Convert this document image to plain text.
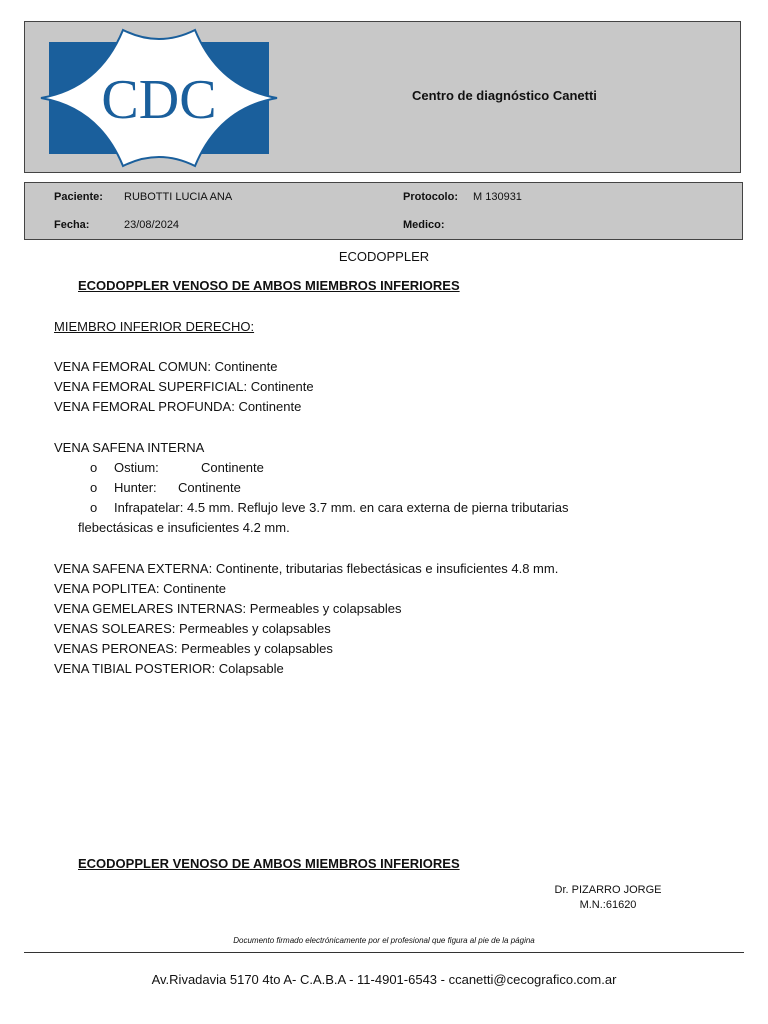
CDC	Centro de diagnóstico Canetti
Paciente: RUBOTTI LUCIA ANA	Protocolo: M 130931
Fecha:	23/08/2024	Medico:
ECODOPPLER
ECODOPPLER VENOSO DE AMBOS MIEMBROS INFERIORES
MIEMBRO INFERIOR DERECHO:
VENA FEMORAL COMUN: Continente
VENA FEMORAL SUPERFICIAL: Continente
VENA FEMORAL PROFUNDA: Continente
VENA SAFENA INTERNA
o Ostium:	Continente
o Hunter: Continente
o Infrapatelar: 4.5 mm. Reflujo leve 3.7 mm. en cara externa de pierna tributarias
flebectásicas e insuficientes 4.2 mm.
VENA SAFENA EXTERNA: Continente, tributarias flebectásicas e insuficientes 4.8 mm.
VENA POPLITEA: Continente
VENA GEMELARES INTERNAS: Permeables y colapsables
VENAS SOLEARES: Permeables y colapsables
VENAS PERONEAS: Permeables y colapsables
VENA TIBIAL POSTERIOR: Colapsable
ECODOPPLER VENOSO DE AMBOS MIEMBROS INFERIORES
Dr. PIZARRO JORGE
M.N.:61620
Documento firmado electrónicamente por el profesional que figura al pie de la página
Av.Rivadavia 5170 4to A- C.A.B.A - 11-4901-6543 - ccanetti@cecografico.com.ar
